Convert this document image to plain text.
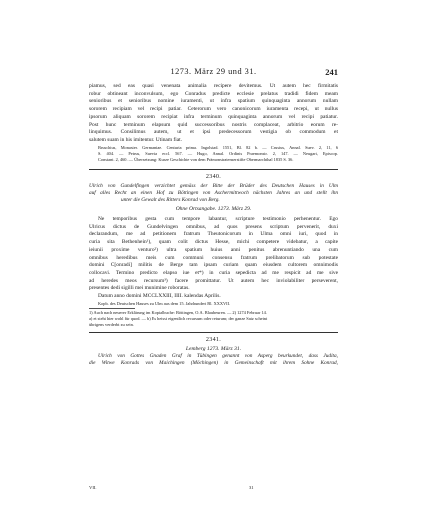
1273. März 29 und 31.	241
piamus, sed eas quasi venenata animalia recipere devitemus. Ut autem hec firmitatis
robur obtineant inconvulsum, ego Conradus predicte ecclesie prelatus tradidi fidem meam
senioribus et senioribus nomine iuramenti, ut infra spatium quinquaginta annorum nullam
sororem recipiam vel recipi patiar. Ceterorum vero canonicorum iuramenta recepi, ut nullus
ipsorum aliquam sororem recipiat infra terminum quinquaginta annorum vel recipi patiatur.
Post hunc terminum elapsum quid successoribus nostris complaceat, arbitrio eorum re-
linquimus. Consilimus autem, ut et ipsi predecessorum vestigia ob commodum et
salutem suam in his imitentur. Utinam fiat.
Bruschius, Monaster. Germaniae. Centuria prima. Ingolstad. 1551, Bl. 82 b. — Crusius, Annal. Suev. 2, 11, 6
S. 404. — Petrus, Suevia eccl. 567. — Hugo, Annal. Ordinis Praemonstr. 2, 147. — Neugart, Episcop.
Constant. 2, 460. — Übersetzung: Kurze Geschichte von dem Prämonstratenserstifte Obermarchthal 1835 S. 36.
2340.
Ulrich von Gundelfingen verzichtet gemäss der Bitte der Brüder des Deutschen Hauses in Ulm
auf alles Recht an einen Hof zu Böttingen von Aschermittwoch nächsten Jahres an und stellt ihn
unter die Gewalt des Ritters Konrad von Berg.
Ohne Ortsangabe. 1273. März 29.
Ne temporibus gesta cum tempore labantur, scripture testimonio perhenentur. Ego
Ulricus dictus de Gundelvingen omnibus, ad quos presens scriptum pervenerit, duxi
declarandum, me ad petitionem fratrum Theutonicorum in Ulma omni iuri, quod in
curia sita Bethenhein¹), quam colit dictus Hesse, michi competere videbatur, a capite
ieiunii proxime venturo²) ultra spatium huius anni penitus abrenuntiando una cum
omnibus heredibus meis cum communi consensu fratrum prelibatorum sub potestate
domini C[onradi] militis de Berge tam ipsam curiam quam eiusdem cultorem omnimodis
collocavi. Termino predicto elapso iue et*) in curia sepedicta ad me respicit ad me sive
ad heredes meos recursum³) facere promittatur. Ut autem hec inviolabiliter perseverent,
presentes dedi sigilli mei munimine roboratas.
Datum anno domini MCCLXXIII, IIII. kalendas Aprilis.
Kopb. des Deutschen Hauses zu Ulm aus dem 15. Jahrhundert Bl. XXXVII.
1) Auch nach neuerer Erklärung im Kopialbuche: Böttingen, O.A. Blaubeuren. — 2) 1274 Februar 14.
a) et steht hier wohl für quod. — b) Es heisst eigentlich recursum oder returum; der ganze Satz scheint
übrigens verderbt zu sein.
2341.
Lemberg 1273. März 31.
Ulrich von Gottes Gnaden Graf in Tübingen genannt von Asperg beurkundet, dass Judita,
die Witwe Konrads von Maichingen (Möchingen) in Gemeinschaft mit ihrem Sohne Konrad,
VII.	31
